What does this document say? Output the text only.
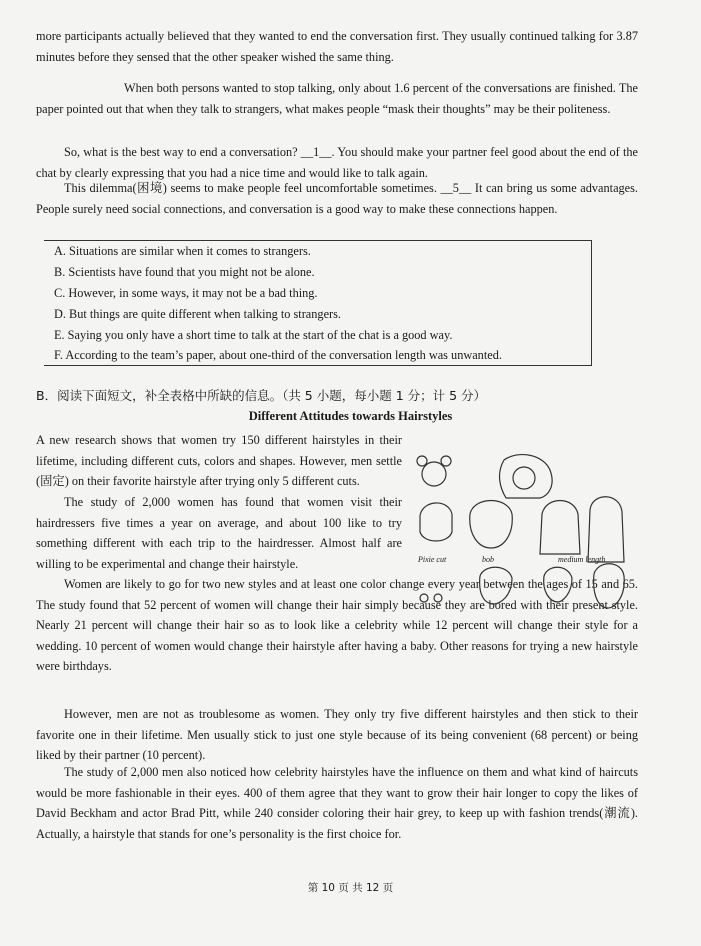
more participants actually believed that they wanted to end the conversation first. They usually continued talking for 3.87 minutes before they sensed that the other speaker wished the same thing.

When both persons wanted to stop talking, only about 1.6 percent of the conversations are finished. The paper pointed out that when they talk to strangers, what makes people “mask their thoughts” may be their politeness.

So, what is the best way to end a conversation? __1__. You should make your partner feel good about the end of the chat by clearly expressing that you had a nice time and would like to talk again.

This dilemma(困境) seems to make people feel uncomfortable sometimes. __5__ It can bring us some advantages. People surely need social connections, and conversation is a good way to make these connections happen.

A. Situations are similar when it comes to strangers.
B. Scientists have found that you might not be alone.
C. However, in some ways, it may not be a bad thing.
D. But things are quite different when talking to strangers.
E. Saying you only have a short time to talk at the start of the chat is a good way.
F. According to the team’s paper, about one-third of the conversation length was unwanted.
B．阅读下面短文，补全表格中所缺的信息。（共 5 小题，每小题 1 分；计 5 分）
Different Attitudes towards Hairstyles

A new research shows that women try 150 different hairstyles in their lifetime, including different cuts, colors and shapes. However, men settle (固定) on their favorite hairstyle after trying only 5 different cuts.

The study of 2,000 women has found that women visit their hairdressers five times a year on average, and about 100 like to try something different with each trip to the hairdresser. Almost half are willing to be experimental and change their hairstyle.

Women are likely to go for two new styles and at least one color change every year between the ages of 15 and 65. The study found that 52 percent of women will change their hair simply because they are bored with their present style. Nearly 21 percent will change their hair so as to look like a celebrity while 12 percent will change their style for a wedding. 10 percent of women would change their hairstyle after having a baby. Other reasons for trying a new hairstyle were birthdays.

However, men are not as troublesome as women. They only try five different hairstyles and then stick to their favorite one in their lifetime. Men usually stick to just one style because of its being convenient (68 percent) or being liked by their partner (10 percent).

The study of 2,000 men also noticed how celebrity hairstyles have the influence on them and what kind of haircuts would be more fashionable in their eyes. 400 of them agree that they want to grow their hair longer to copy the likes of David Beckham and actor Brad Pitt, while 240 consider coloring their hair grey, to keep up with fashion trends(潮流). Actually, a hairstyle that stands for one’s personality is the first choice for.

Pixie cut	bob	medium length
第 10 页 共 12 页
